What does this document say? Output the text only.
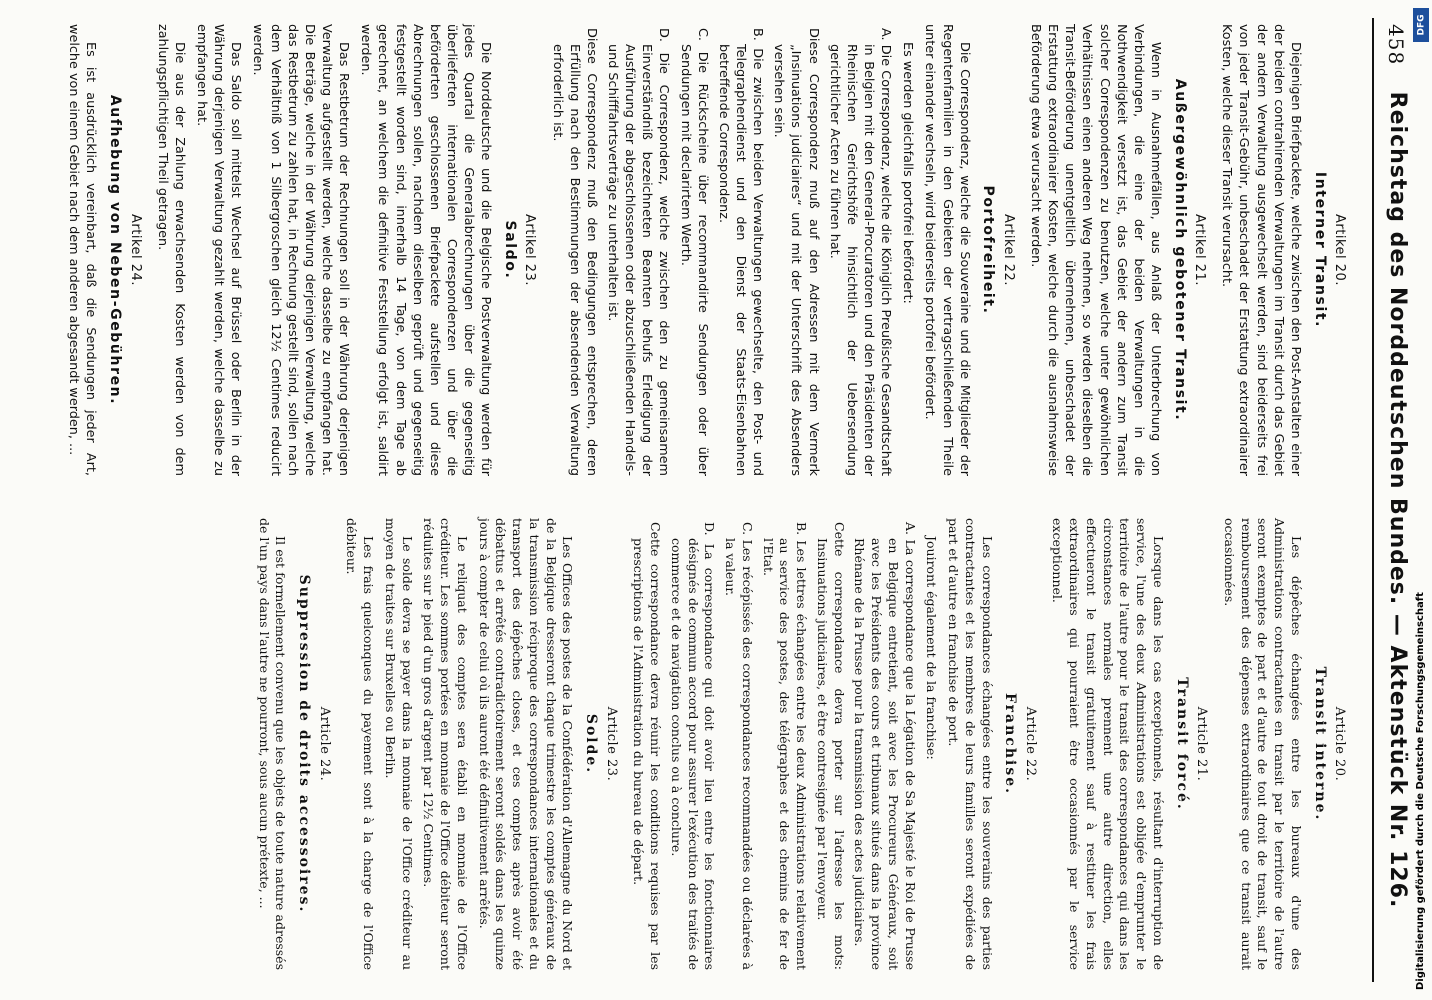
458
Reichstag des Norddeutschen Bundes. — Aktenstück Nr. 126.
Artikel 20.
Interner Transit.

Diejenigen Briefpackete, welche zwischen den Post-Anstalten einer der beiden contrahirenden Verwaltungen im Transit durch das Gebiet der andern Verwaltung ausgewechselt werden, sind beiderseits frei von jeder Transit-Gebühr, unbeschadet der Erstattung extraordinairer Kosten, welche dieser Transit verursacht.

Artikel 21.
Außergewöhnlich gebotener Transit.

Wenn in Ausnahmefällen, aus Anlaß der Unterbrechung von Verbindungen, die eine der beiden Verwaltungen in die Nothwendigkeit versetzt ist, das Gebiet der andern zum Transit solcher Correspondenzen zu benutzen, welche unter gewöhnlichen Verhältnissen einen anderen Weg nehmen, so werden dieselben die Transit-Beförderung unentgeltlich übernehmen, unbeschadet der Erstattung extraordinairer Kosten, welche durch die ausnahmsweise Beförderung etwa verursacht werden.

Artikel 22.
Portofreiheit.

Die Correspondenz, welche die Souveraine und die Mitglieder der Regentenfamilien in den Gebieten der vertragschließenden Theile unter einander wechseln, wird beiderseits portofrei befördert.

Es werden gleichfalls portofrei befördert:

A. Die Correspondenz, welche die Königlich Preußische Gesandtschaft in Belgien mit den General-Procuratoren und den Präsidenten der Rheinischen Gerichtshöfe hinsichtlich der Uebersendung gerichtlicher Acten zu führen hat.

Diese Correspondenz muß auf den Adressen mit dem Vermerk „Insinuations judiciaires“ und mit der Unterschrift des Absenders versehen sein.

B. Die zwischen beiden Verwaltungen gewechselte, den Post- und Telegraphendienst und den Dienst der Staats-Eisenbahnen betreffende Correspondenz.

C. Die Rückscheine über recommandirte Sendungen oder über Sendungen mit declarirtem Werth.

D. Die Correspondenz, welche zwischen den zu gemeinsamem Einverständniß bezeichneten Beamten behufs Erledigung der Ausführung der abgeschlossenen oder abzuschließenden Handels- und Schifffahrtsverträge zu unterhalten ist.

Diese Correspondenz muß den Bedingungen entsprechen, deren Erfüllung nach den Bestimmungen der absendenden Verwaltung erforderlich ist.

Artikel 23.
Saldo.

Die Norddeutsche und die Belgische Postverwaltung werden für jedes Quartal die Generalabrechnungen über die gegenseitig überlieferten internationalen Correspondenzen und über die beförderten geschlossenen Briefpackete aufstellen und diese Abrechnungen sollen, nachdem dieselben geprüft und gegenseitig festgestellt worden sind, innerhalb 14 Tage, von dem Tage ab gerechnet, an welchem die definitive Feststellung erfolgt ist, saldirt werden.

Das Restbetrum der Rechnungen soll in der Währung derjenigen Verwaltung aufgestellt werden, welche dasselbe zu empfangen hat. Die Beträge, welche in der Währung derjenigen Verwaltung, welche das Restbetrum zu zahlen hat, in Rechnung gestellt sind, sollen nach dem Verhältniß von 1 Silbergroschen gleich 12½ Centimes reducirt werden.

Das Saldo soll mittelst Wechsel auf Brüssel oder Berlin in der Währung derjenigen Verwaltung gezahlt werden, welche dasselbe zu empfangen hat.

Die aus der Zahlung erwachsenden Kosten werden von dem zahlungspflichtigen Theil getragen.

Artikel 24.
Aufhebung von Neben-Gebühren.

Es ist ausdrücklich vereinbart, daß die Sendungen jeder Art, welche von einem Gebiet nach dem anderen abgesandt werden, ...

Article 20.
Transit interne.

Les dépêches échangées entre les bureaux d'une des Administrations contractantes en transit par le territoire de l'autre seront exemptes de part et d'autre de tout droit de transit, sauf le remboursement des dépenses extraordinaires que ce transit aurait occasionnées.

Article 21.
Transit forcé.

Lorsque dans les cas exceptionnels, résultant d'interruption de service, l'une des deux Administrations est obligée d'emprunter le territoire de l'autre pour le transit des correspondances qui dans les circonstances normales prennent une autre direction, elles effectueront le transit gratuitement sauf à restituer les frais extraordinaires qui pourraient être occasionnés par le service exceptionnel.

Article 22.
Franchise.

Les correspondances échangées entre les souverains des parties contractantes et les membres de leurs familles seront expédiées de part et d'autre en franchise de port.

Jouiront également de la franchise:

A. La correspondance que la Légation de Sa Majesté le Roi de Prusse en Belgique entretient, soit avec les Procureurs Généraux, soit avec les Présidents des cours et tribunaux situés dans la province Rhénane de la Prusse pour la transmission des actes judiciaires.

Cette correspondance devra porter sur l'adresse les mots: Insinuations judiciaires, et être contresignée par l'envoyeur.

B. Les lettres échangées entre les deux Administrations relativement au service des postes, des télégraphes et des chemins de fer de l'Etat.

C. Les récépissés des correspondances recommandées ou déclarées à la valeur.

D. La correspondance qui doit avoir lieu entre les fonctionnaires désignés de commun accord pour assurer l'exécution des traités de commerce et de navigation conclus ou à conclure.

Cette correspondance devra réunir les conditions requises par les prescriptions de l'Administration du bureau de départ.

Article 23.
Solde.

Les Offices des postes de la Confédération d'Allemagne du Nord et de la Belgique dresseront chaque trimestre les comptes généraux de la transmission réciproque des correspondances internationales et du transport des dépêches closes, et ces comptes après avoir été débattus et arrêtés contradictoirement seront soldés dans les quinze jours à compter de celui où ils auront été définitivement arrêtés.

Le reliquat des comptes sera établi en monnaie de l'Office créditeur. Les sommes portées en monnaie de l'Office débiteur seront réduites sur le pied d'un gros d'argent par 12½ Centimes.

Le solde devra se payer dans la monnaie de l'Office créditeur au moyen de traites sur Bruxelles ou Berlin.

Les frais quelconques du payement sont à la charge de l'Office débiteur.

Article 24.
Suppression de droits accessoires.

Il est formellement convenu que les objets de toute nature adressés de l'un pays dans l'autre ne pourront, sous aucun prétexte, ...

DFG
Digitalisierung gefördert durch die Deutsche Forschungsgemeinschaft
